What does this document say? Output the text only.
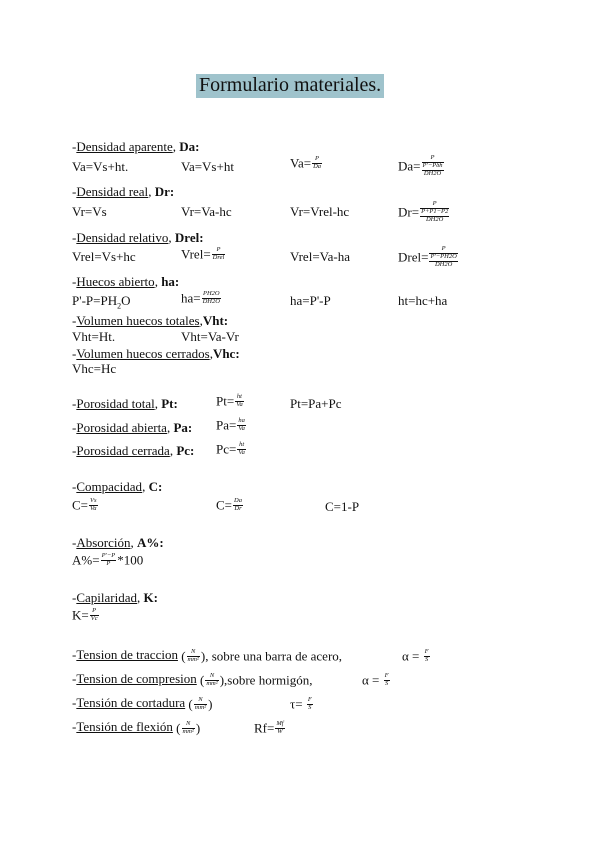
Formulario materiales.
-Densidad aparente, Da:
Va=Vs+ht.	Va=Vs+ht	$Va= \frac{P}{Da}$	Da=
P
P'−Pδh
DH2O
-Densidad real, Dr:
Vr=Vs	Vr=Va-hc	Vr=Vrel-hc	Dr=
P
P+P1−P2
DH2O
-Densidad relativo, Drel:
Vrel=Vs+hc	Vrel= $\frac{P}{\text{Drel}}$	Vrel=Va-ha	Drel=
P
P'−PH2O
DH2O
-Huecos abierto, ha:
$P'-P=PH_2O$	$ha= \frac{PH2O}{DH2O}$	ha=P'-P	ht=hc+ha
-Volumen huecos totales,Vht:
Vht=Ht.	Vht=Va-Vr
-Volumen huecos cerrados,Vhc:
Vhc=Hc
-Porosidad total, Pt:	$Pt= \frac{ht}{Va}$	Pt=Pa+Pc
-Porosidad abierta, Pa: $Pa= \frac{ha}{Va}$
-Porosidad cerrada, Pc: $Pc= \frac{ht}{Va}$
-Compacidad, C:
$C= \frac{Vs}{Va}$	$C= \frac{Da}{Dr}$	C=1-P
-Absorción, A%:
$A\%= \frac{P'-P}{P} *100$
-Capilaridad, K:
$K= \frac{P}{Vc}$
-Tension de traccion ( $\frac{N}{\text{mm²}}$ ), sobre una barra de acero,	$\alpha = \frac{F}{S}$
-Tension de compresion ( $\frac{N}{\text{mm²}}$ ),sobre hormigón,	$\alpha = \frac{F}{S}$
-Tensión de cortadura ( $\frac{N}{\text{mm²}}$ )	$\tau= \frac{F}{S}$
-Tensión de flexión ( $\frac{N}{\text{mm²}}$ )	$Rf= \frac{Mf}{W}$
